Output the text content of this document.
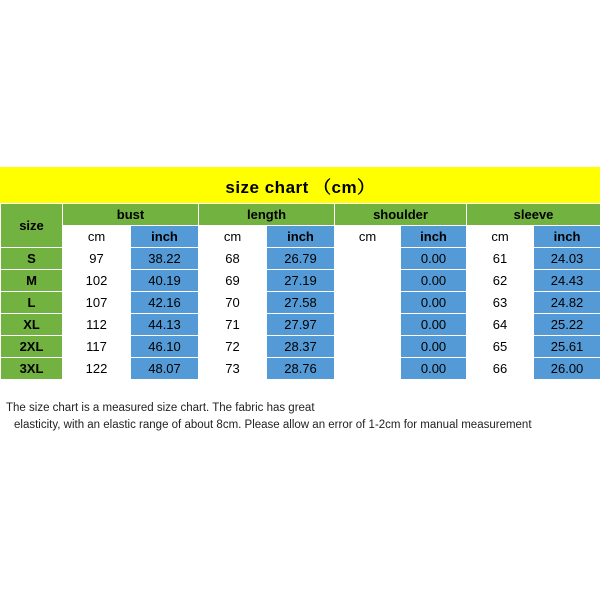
size chart （cm）
size	bust		length		shoulder		sleeve	
	cm	inch	cm	inch	cm	inch	cm	inch
S	97	38.22	68	26.79		0.00	61	24.03
M	102	40.19	69	27.19		0.00	62	24.43
L	107	42.16	70	27.58		0.00	63	24.82
XL	112	44.13	71	27.97		0.00	64	25.22
2XL	117	46.10	72	28.37		0.00	65	25.61
3XL	122	48.07	73	28.76		0.00	66	26.00
The size chart is a measured size chart. The fabric has great
elasticity, with an elastic range of about 8cm. Please allow an error of 1-2cm for manual measurement
